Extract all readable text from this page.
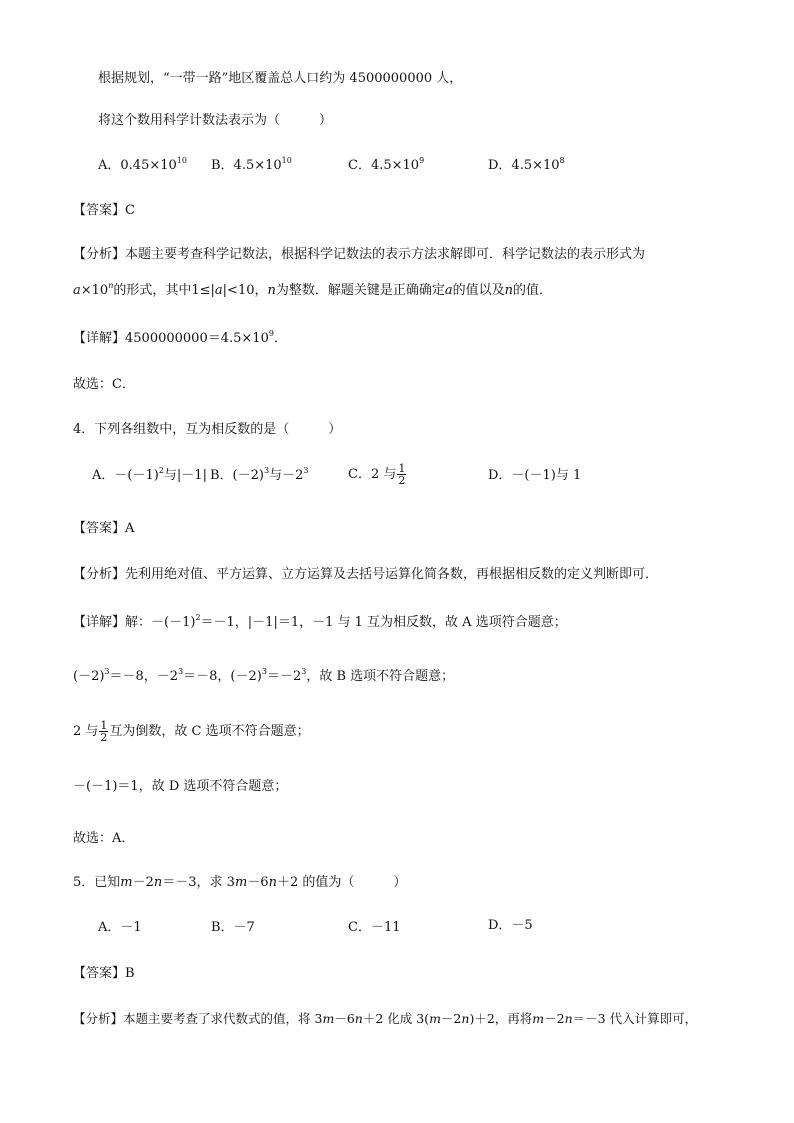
根据规划，“一带一路”地区覆盖总人口约为 4500000000 人，
将这个数用科学计数法表示为（　　　）
A．$0.45\times 10^{10}$ B．$4.5\times 10^{10}$	C．$4.5\times 10^9$	D．$4.5\times 10^8$
【答案】C
【分析】本题主要考查科学记数法，根据科学记数法的表示方法求解即可．科学记数法的表示形式为
$a\times 10^n$的形式，其中1≤|a|<10，n为整数．解题关键是正确确定a的值以及n的值．
【详解】$4500000000=4.5\times 10^9$．
故选：C．
4．下列各组数中，互为相反数的是（　　　）
A．$-(-1)^2$与|－1| B．$(-2)^3$与$-2^3$	C．2 与 $\frac{1}{2}$	D．－(－1)与 1
【答案】A
【分析】先利用绝对值、平方运算、立方运算及去括号运算化简各数，再根据相反数的定义判断即可．
【详解】解：$-(-1)^2=-1$，|－1|＝1，－1 与 1 互为相反数，故 A 选项符合题意；
$(-2)^3=-8$，$-2^3=-8$，$(-2)^3=-2^3$，故 B 选项不符合题意；
2 与 $\frac{1}{2}$ 互为倒数，故 C 选项不符合题意；
－(－1)＝1，故 D 选项不符合题意；
故选：A．
5．已知m－2n＝－3，求 3m－6n＋2 的值为（　　　）
A．－1	B．－7	C．－11	D．－5
【答案】B
【分析】本题主要考查了求代数式的值，将 3m－6n＋2 化成 3(m－2n)＋2，再将m－2n＝－3 代入计算即可，
